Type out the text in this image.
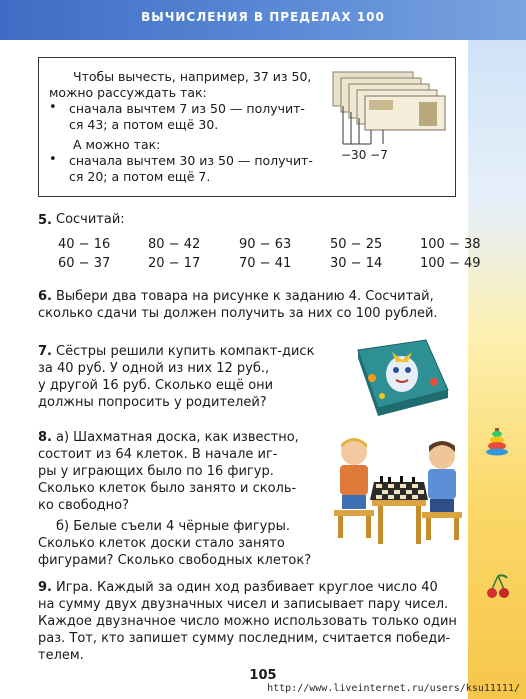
ВЫЧИСЛЕНИЯ В ПРЕДЕЛАХ 100
Чтобы вычесть, например, 37 из 50,
можно рассуждать так:
• сначала вычтем 7 из 50 — получит-
ся 43; а потом ещё 30.
А можно так:
• сначала вычтем 30 из 50 — получит-
ся 20; а потом ещё 7.
−30 −7
5. Сосчитай:
40 − 16	80 − 42	90 − 63	50 − 25	100 − 38
60 − 37	20 − 17	70 − 41	30 − 14	100 − 49
6. Выбери два товара на рисунке к заданию 4. Сосчитай,
сколько сдачи ты должен получить за них со 100 рублей.
7. Сёстры решили купить компакт-диск
за 40 руб. У одной из них 12 руб.,
у другой 16 руб. Сколько ещё они
должны попросить у родителей?
8. а) Шахматная доска, как известно,
состоит из 64 клеток. В начале иг-
ры у играющих было по 16 фигур.
Сколько клеток было занято и сколь-
ко свободно?
б) Белые съели 4 чёрные фигуры.
Сколько клеток доски стало занято
фигурами? Сколько свободных клеток?
9. Игра. Каждый за один ход разбивает круглое число 40
на сумму двух двузначных чисел и записывает пару чисел.
Каждое двузначное число можно использовать только один
раз. Тот, кто запишет сумму последним, считается победи-
телем.
105
http://www.liveinternet.ru/users/ksu11111/
